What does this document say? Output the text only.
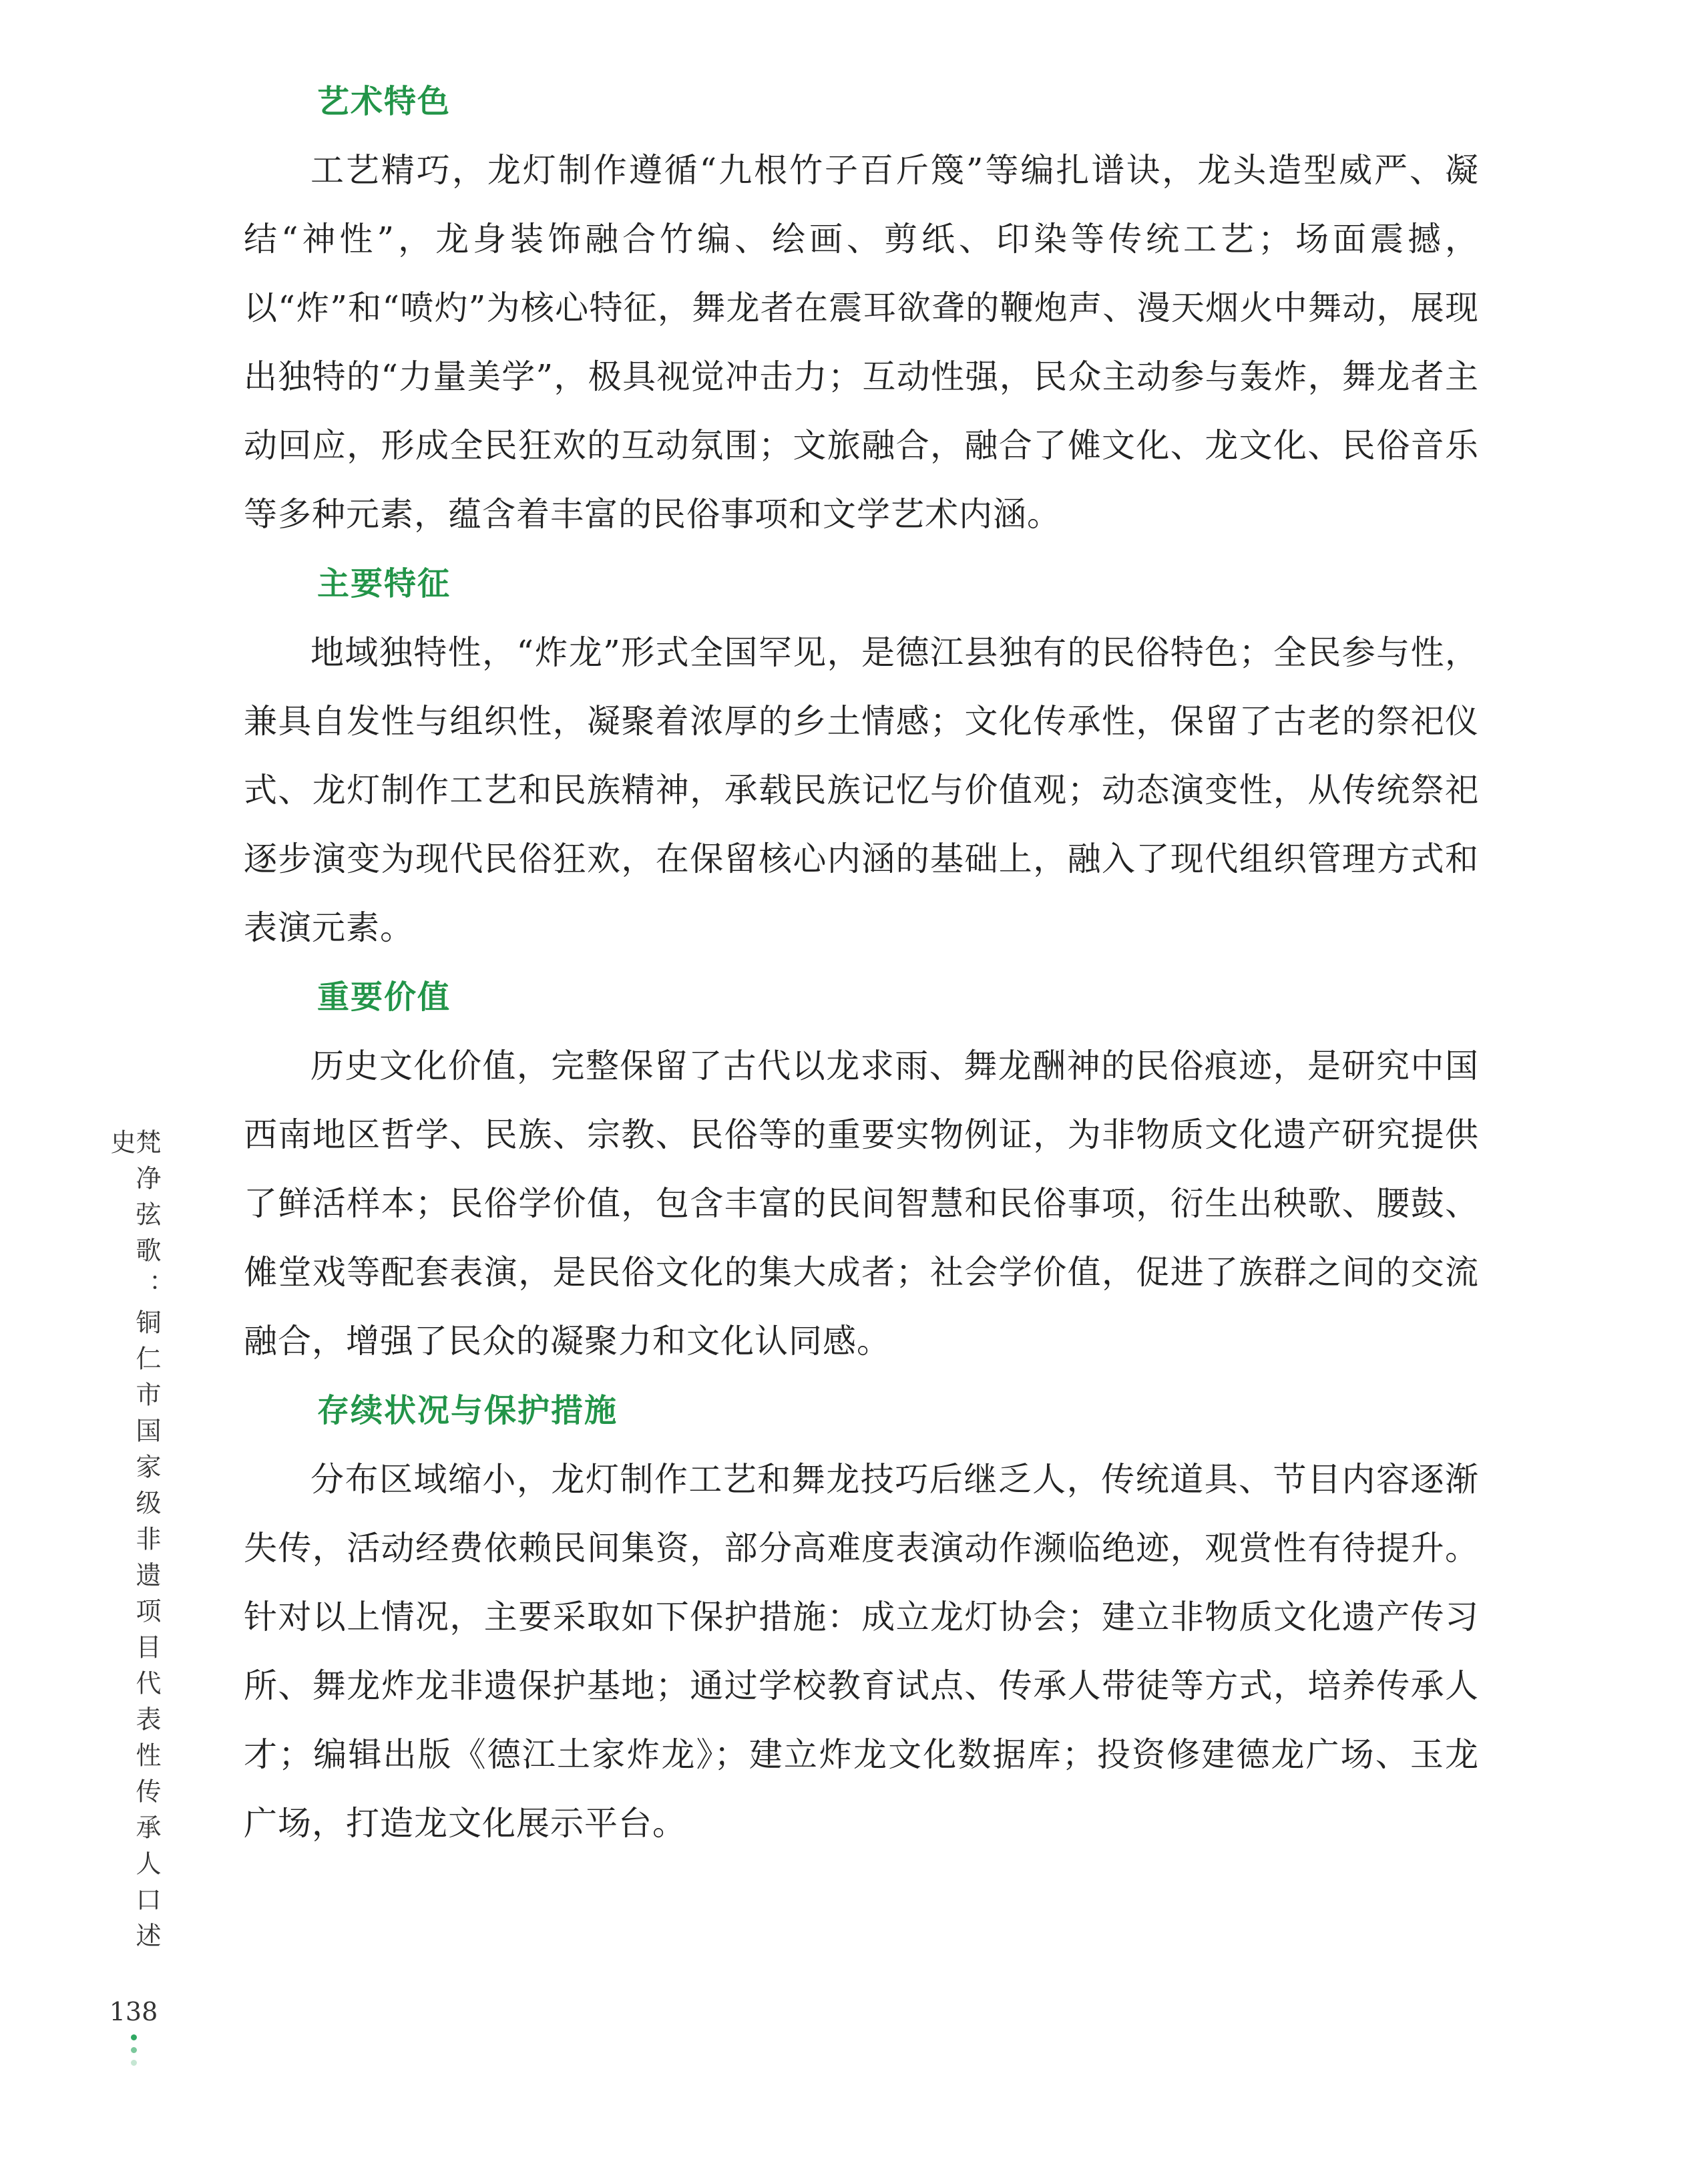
艺术特色

工艺精巧，龙灯制作遵循“九根竹子百斤篾”等编扎谱诀，龙头造型威严、凝结“神性”，龙身装饰融合竹编、绘画、剪纸、印染等传统工艺；场面震撼，以“炸”和“喷灼”为核心特征，舞龙者在震耳欲聋的鞭炮声、漫天烟火中舞动，展现出独特的“力量美学”，极具视觉冲击力；互动性强，民众主动参与轰炸，舞龙者主动回应，形成全民狂欢的互动氛围；文旅融合，融合了傩文化、龙文化、民俗音乐等多种元素，蕴含着丰富的民俗事项和文学艺术内涵。

主要特征

地域独特性，“炸龙”形式全国罕见，是德江县独有的民俗特色；全民参与性，兼具自发性与组织性，凝聚着浓厚的乡土情感；文化传承性，保留了古老的祭祀仪式、龙灯制作工艺和民族精神，承载民族记忆与价值观；动态演变性，从传统祭祀逐步演变为现代民俗狂欢，在保留核心内涵的基础上，融入了现代组织管理方式和表演元素。

重要价值

历史文化价值，完整保留了古代以龙求雨、舞龙酬神的民俗痕迹，是研究中国西南地区哲学、民族、宗教、民俗等的重要实物例证，为非物质文化遗产研究提供了鲜活样本；民俗学价值，包含丰富的民间智慧和民俗事项，衍生出秧歌、腰鼓、傩堂戏等配套表演，是民俗文化的集大成者；社会学价值，促进了族群之间的交流融合，增强了民众的凝聚力和文化认同感。

存续状况与保护措施

分布区域缩小，龙灯制作工艺和舞龙技巧后继乏人，传统道具、节目内容逐渐失传，活动经费依赖民间集资，部分高难度表演动作濒临绝迹，观赏性有待提升。针对以上情况，主要采取如下保护措施：成立龙灯协会；建立非物质文化遗产传习所、舞龙炸龙非遗保护基地；通过学校教育试点、传承人带徒等方式，培养传承人才；编辑出版《德江土家炸龙》；建立炸龙文化数据库；投资修建德龙广场、玉龙广场，打造龙文化展示平台。

梵净弦歌：铜仁市国家级非遗项目代表性传承人口述史
138
